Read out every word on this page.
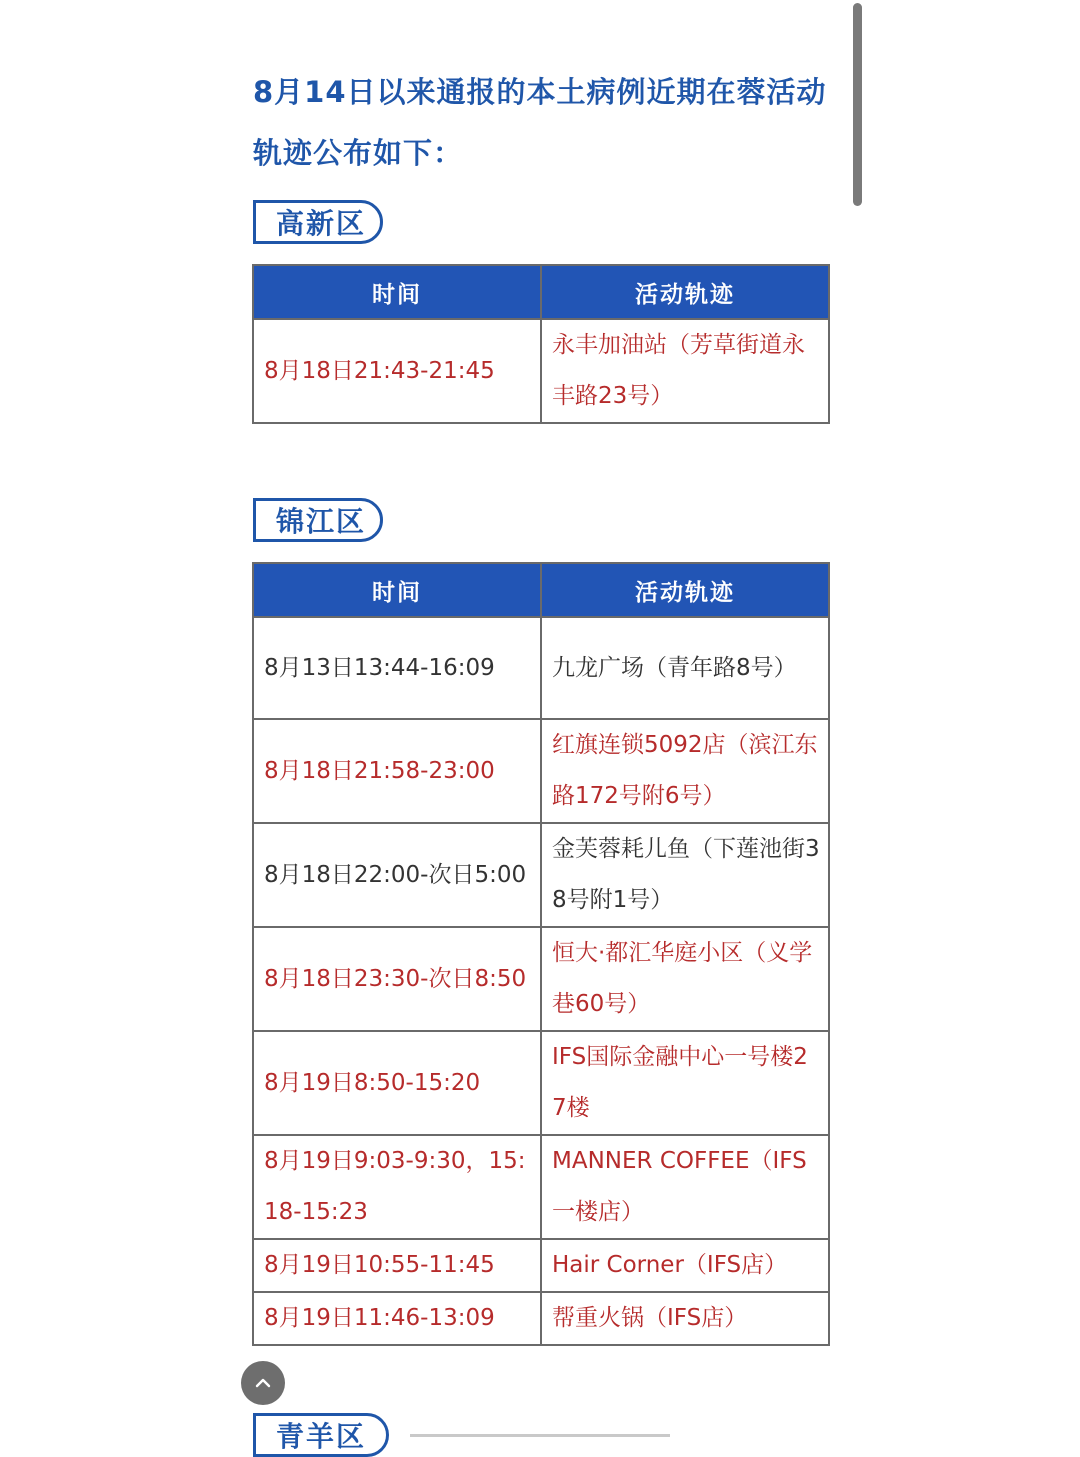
8月14日以来通报的本土病例近期在蓉活动轨迹公布如下：
高新区
时间	活动轨迹
8月18日21:43-21:45	永丰加油站（芳草街道永丰路23号）
锦江区
时间	活动轨迹
8月13日13:44-16:09	九龙广场（青年路8号）
8月18日21:58-23:00	红旗连锁5092店（滨江东路172号附6号）
8月18日22:00-次日5:00	金芙蓉耗儿鱼（下莲池街38号附1号）
8月18日23:30-次日8:50	恒大·都汇华庭小区（义学巷60号）
8月19日8:50-15:20	IFS国际金融中心一号楼27楼
8月19日9:03-9:30，15:18-15:23	MANNER COFFEE（IFS一楼店）
8月19日10:55-11:45	Hair Corner（IFS店）
8月19日11:46-13:09	帮重火锅（IFS店）
青羊区
